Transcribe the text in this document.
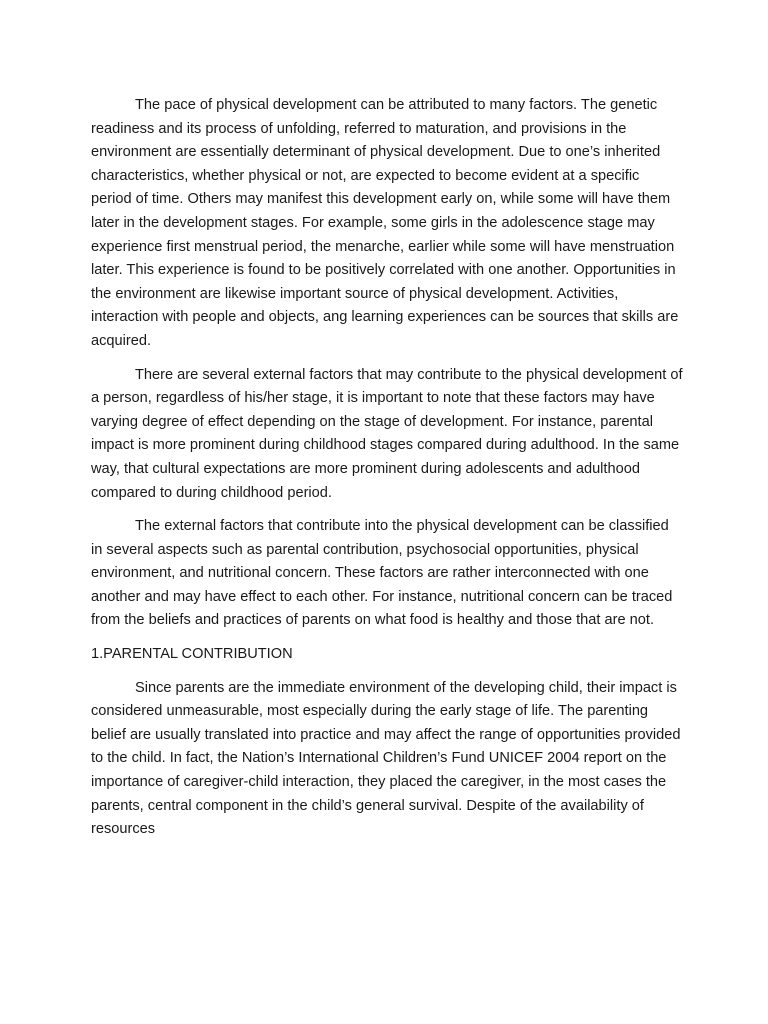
The pace of physical development can be attributed to many factors. The genetic readiness and its process of unfolding, referred to maturation, and provisions in the environment are essentially determinant of physical development. Due to one’s inherited characteristics, whether physical or not, are expected to become evident at a specific period of time. Others may manifest this development early on, while some will have them later in the development stages. For example, some girls in the adolescence stage may experience first menstrual period, the menarche, earlier while some will have menstruation later. This experience is found to be positively correlated with one another. Opportunities in the environment are likewise important source of physical development. Activities, interaction with people and objects, ang learning experiences can be sources that skills are acquired.

There are several external factors that may contribute to the physical development of a person, regardless of his/her stage, it is important to note that these factors may have varying degree of effect depending on the stage of development. For instance, parental impact is more prominent during childhood stages compared during adulthood. In the same way, that cultural expectations are more prominent during adolescents and adulthood compared to during childhood period.

The external factors that contribute into the physical development can be classified in several aspects such as parental contribution, psychosocial opportunities, physical environment, and nutritional concern. These factors are rather interconnected with one another and may have effect to each other. For instance, nutritional concern can be traced from the beliefs and practices of parents on what food is healthy and those that are not.

1.PARENTAL CONTRIBUTION

Since parents are the immediate environment of the developing child, their impact is considered unmeasurable, most especially during the early stage of life. The parenting belief are usually translated into practice and may affect the range of opportunities provided to the child. In fact, the Nation’s International Children’s Fund UNICEF 2004 report on the importance of caregiver-child interaction, they placed the caregiver, in the most cases the parents, central component in the child’s general survival. Despite of the availability of resources
